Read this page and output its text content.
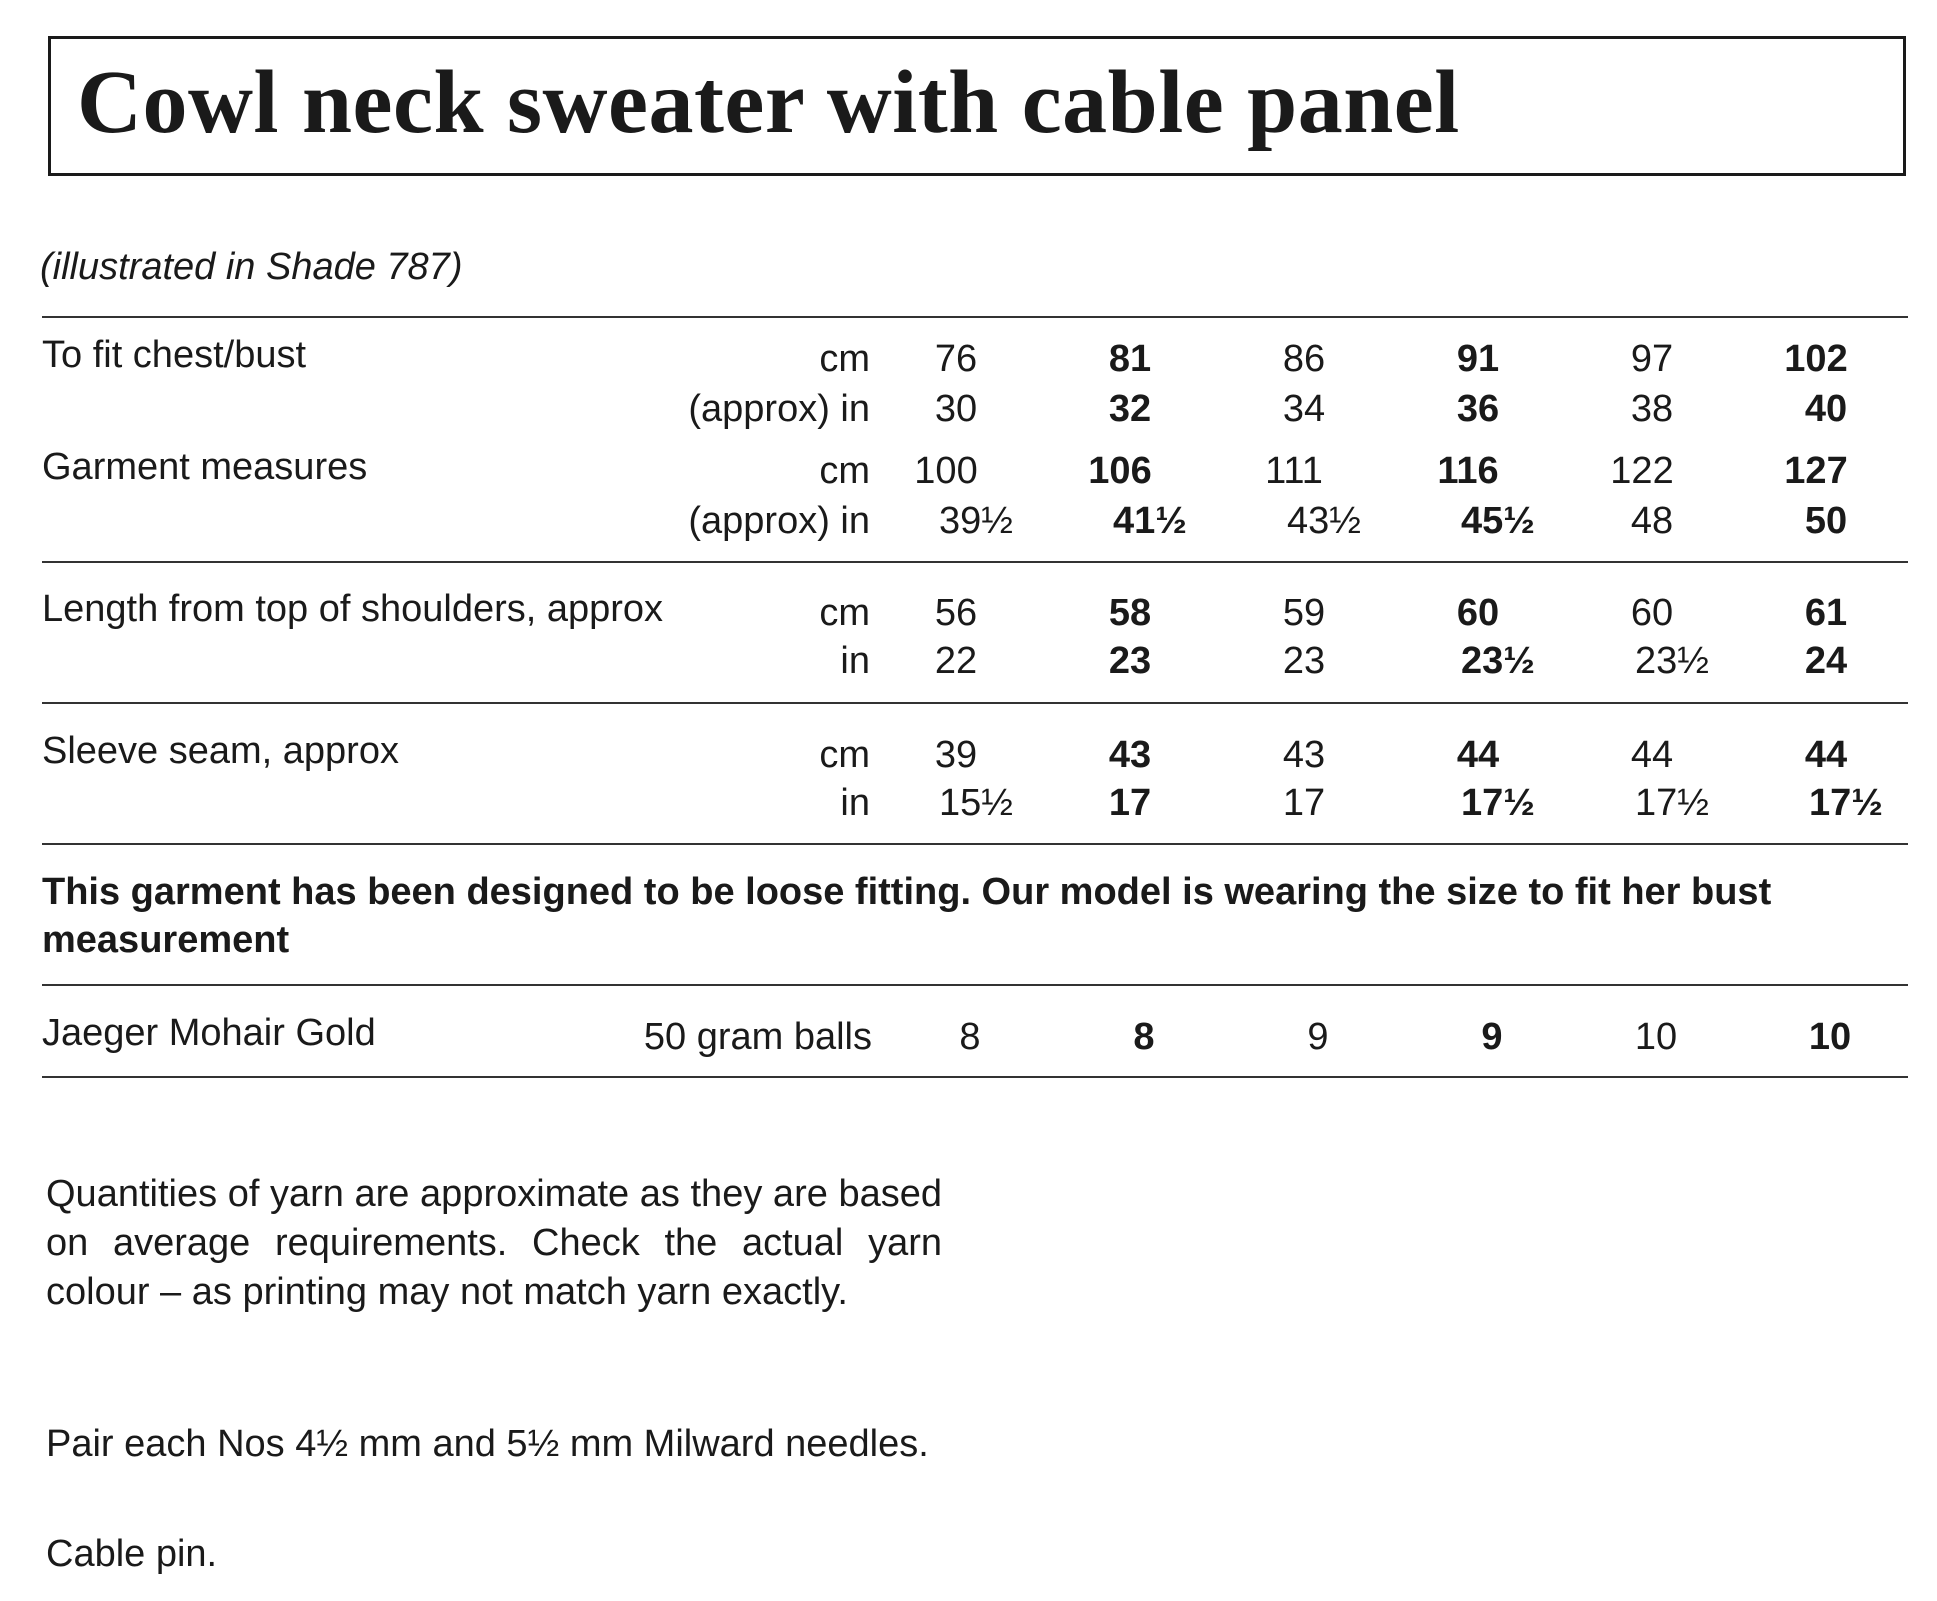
Cowl neck sweater with cable panel
(illustrated in Shade 787)
To fit chest/bust	cm	76	81	86	91	97	102
(approx) in	30	32	34	36	38	40
Garment measures	cm	100	106	111	116	122	127
(approx) in	39½	41½	43½	45½	48	50
Length from top of shoulders, approx	cm	56	58	59	60	60	61
in	22	23	23	23½	23½	24
Sleeve seam, approx	cm	39	43	43	44	44	44
in	15½	17	17	17½	17½	17½

This garment has been designed to be loose fitting. Our model is wearing the size to fit her bust measurement

Jaeger Mohair Gold	50 gram balls	8	8	9	9	10	10

Quantities of yarn are approximate as they are based on average requirements. Check the actual yarn colour – as printing may not match yarn exactly.

Pair each Nos 4½ mm and 5½ mm Milward needles.

Cable pin.
